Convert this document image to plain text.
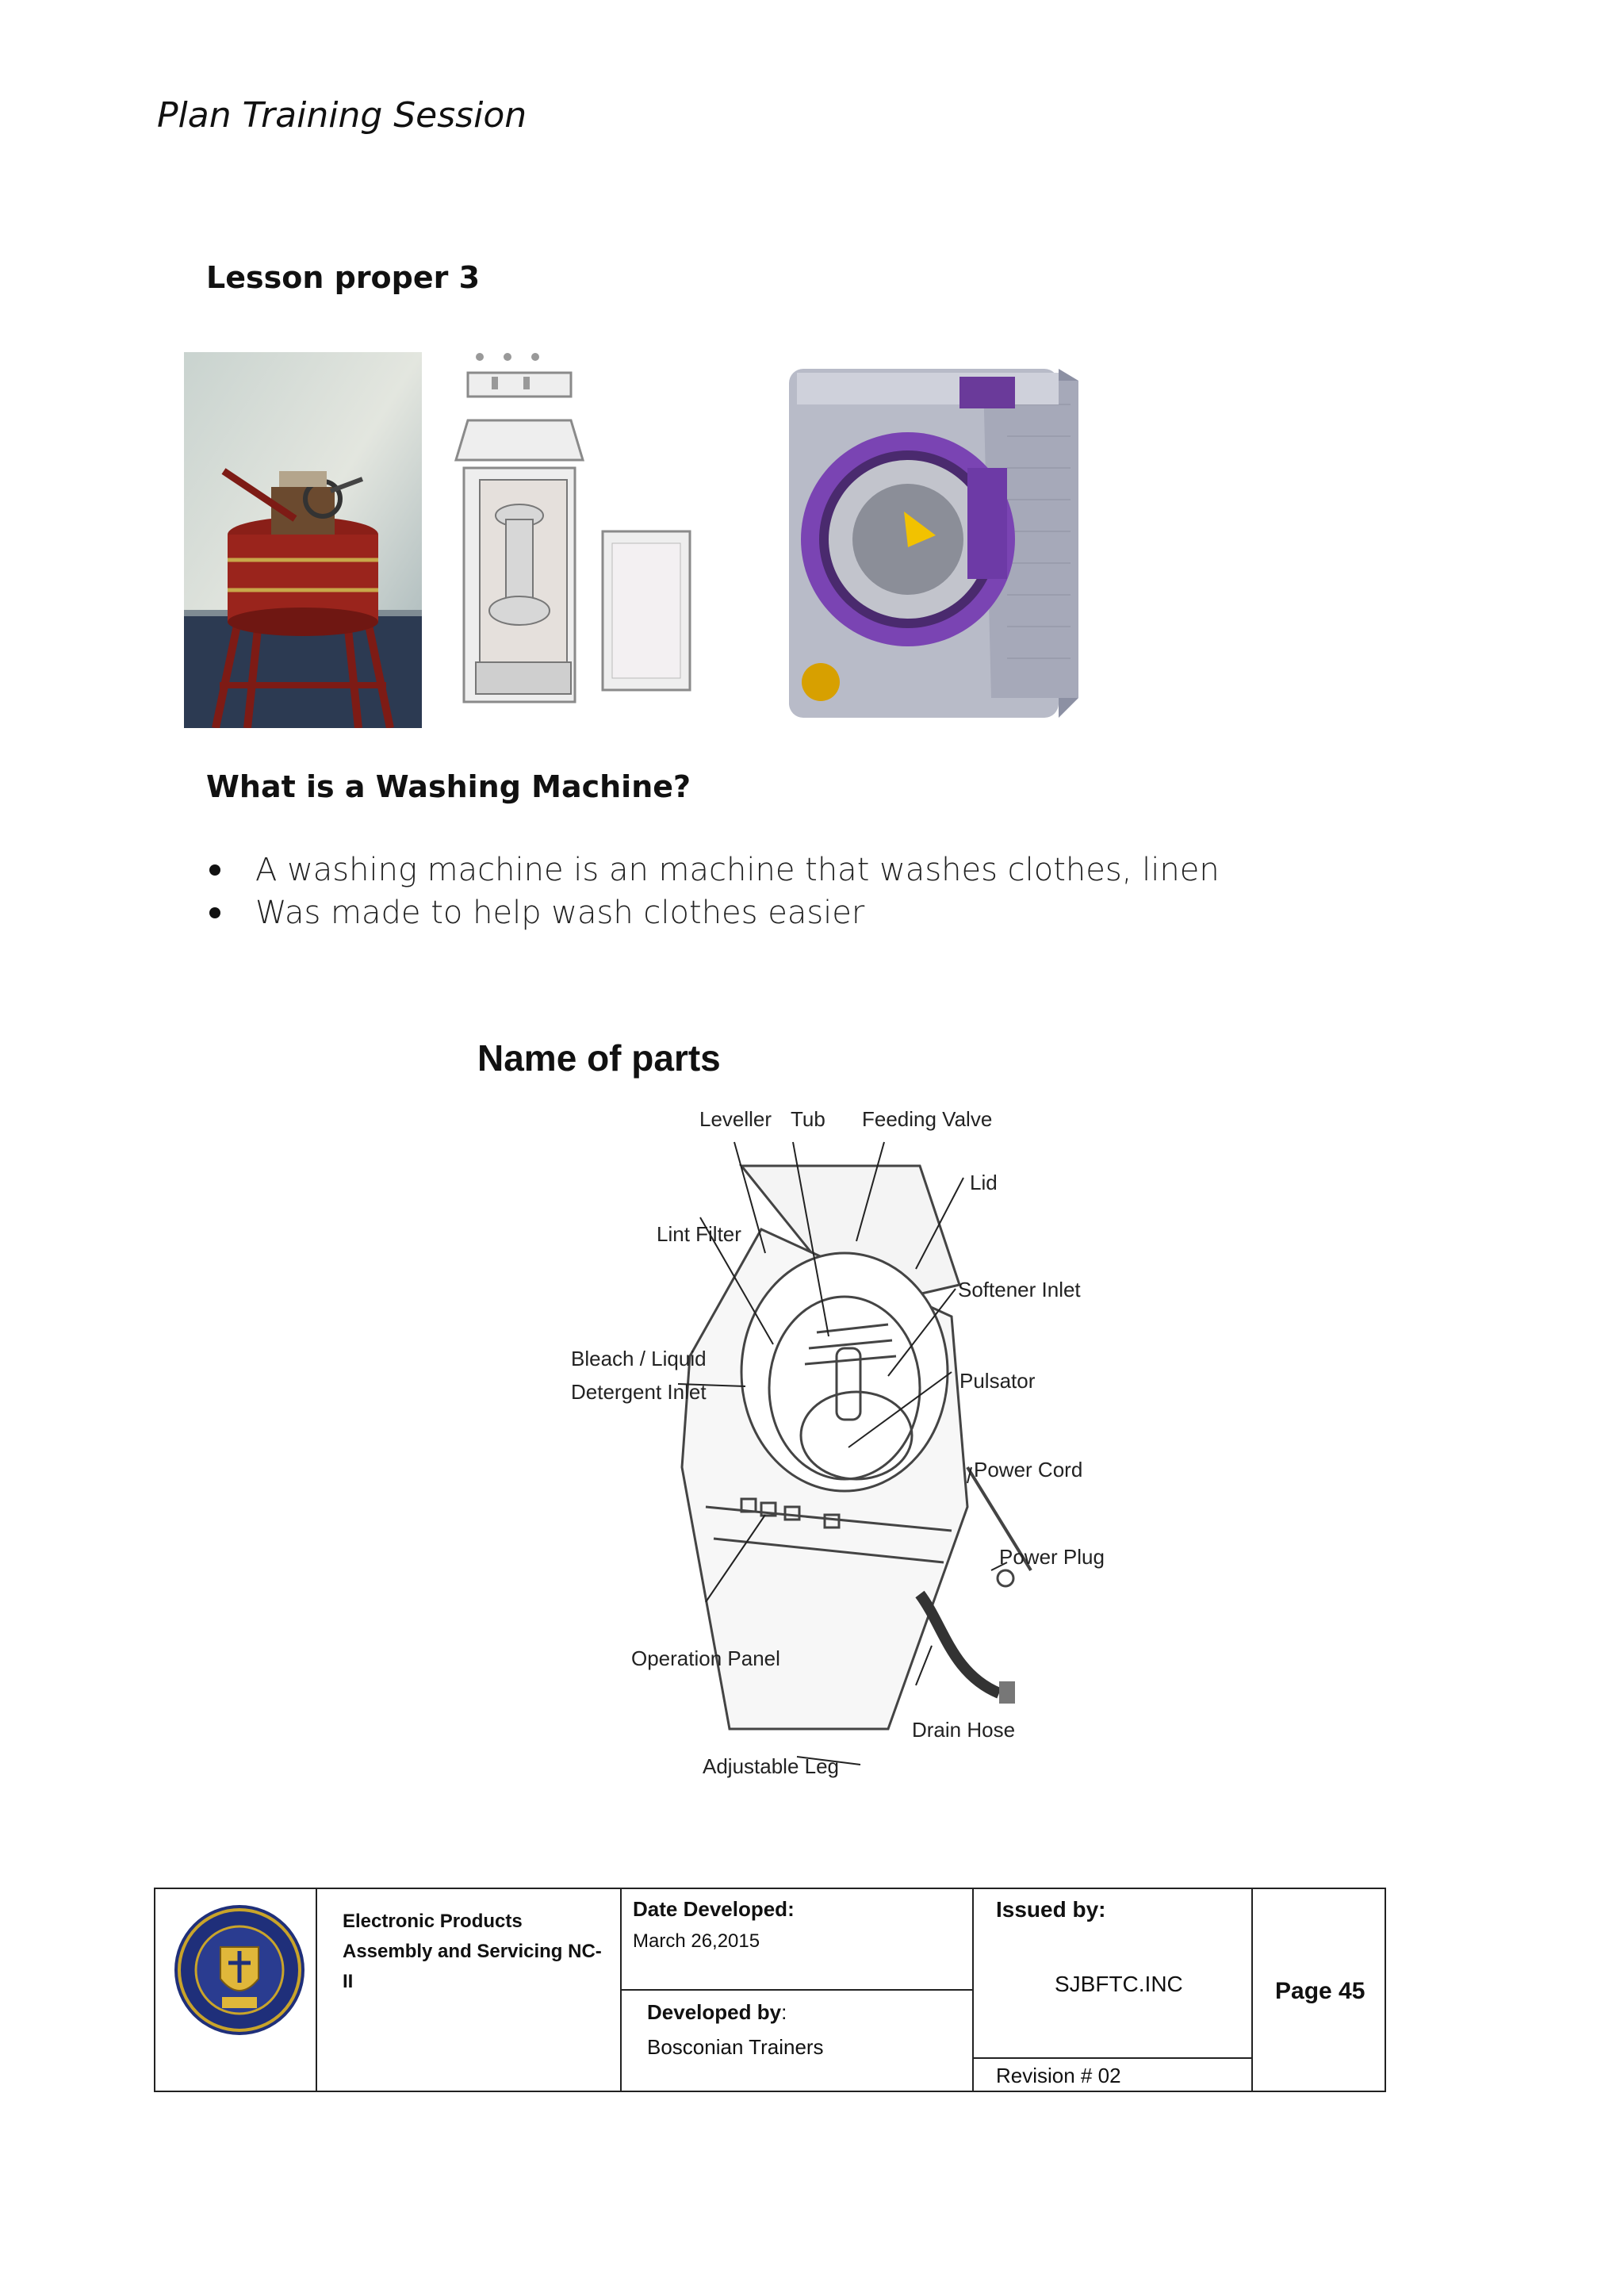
Plan Training Session
Lesson proper 3
What is a Washing Machine?
A washing machine is an machine that washes clothes, linen
Was made to help wash clothes easier
Name of parts
Leveller Tub Feeding Valve
Lid
Lint Filter
Softener Inlet
Bleach / Liquid
Detergent Inlet	Pulsator
Power Cord
Power Plug
Operation Panel
Drain Hose
Adjustable Leg
Electronic Products
Assembly and Servicing NC-
II
Date Developed:
March 26,2015
Developed by:
Bosconian Trainers
Issued by:
SJBFTC.INC
Revision # 02
Page 45
